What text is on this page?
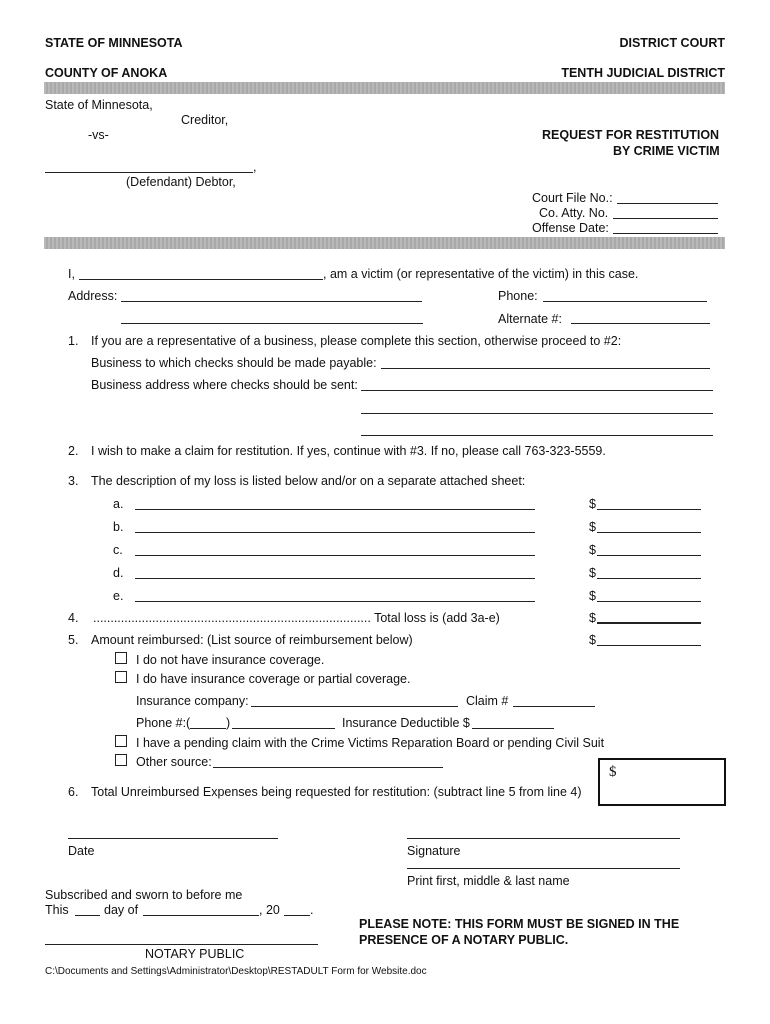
STATE OF MINNESOTA
COUNTY OF ANOKA
DISTRICT COURT
TENTH JUDICIAL DISTRICT
State of Minnesota,
Creditor,
-vs-
,
(Defendant) Debtor,
REQUEST FOR RESTITUTION
BY CRIME VICTIM
Court File No.:
Co. Atty. No.
Offense Date:
I,	, am a victim (or representative of the victim) in this case.
Address:	Phone:
Alternate #:
1. If you are a representative of a business, please complete this section, otherwise proceed to #2:
Business to which checks should be made payable:
Business address where checks should be sent:
2. I wish to make a claim for restitution. If yes, continue with #3. If no, please call 763-323-5559.
3. The description of my loss is listed below and/or on a separate attached sheet:
a.	$
b.	$
c.	$
d.	$
e.	$
4. ................................................................................ Total loss is (add 3a-e)	$
5. Amount reimbursed: (List source of reimbursement below)	$
I do not have insurance coverage.
I do have insurance coverage or partial coverage.
Insurance company:	Claim #
Phone #:(	)	Insurance Deductible $
I have a pending claim with the Crime Victims Reparation Board or pending Civil Suit
Other source:
6. Total Unreimbursed Expenses being requested for restitution: (subtract line 5 from line 4)
$
Date	Signature
Print first, middle & last name
Subscribed and sworn to before me
This	day of	, 20 .
PLEASE NOTE: THIS FORM MUST BE SIGNED IN THE
PRESENCE OF A NOTARY PUBLIC.
NOTARY PUBLIC
C:\Documents and Settings\Administrator\Desktop\RESTADULT Form for Website.doc
